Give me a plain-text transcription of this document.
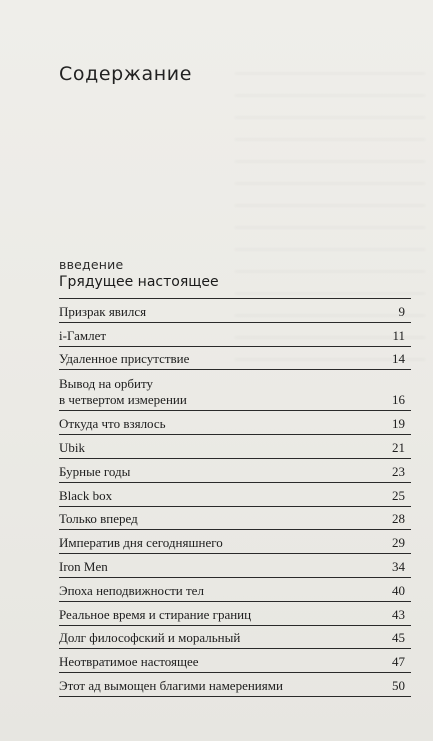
Содержание
введение
Грядущее настоящее
Призрак явился	9
i-Гамлет	11
Удаленное присутствие	14
Вывод на орбиту
в четвертом измерении	16
Откуда что взялось	19
Ubik	21
Бурные годы	23
Black box	25
Только вперед	28
Императив дня сегодняшнего	29
Iron Men	34
Эпоха неподвижности тел	40
Реальное время и стирание границ	43
Долг философский и моральный	45
Неотвратимое настоящее	47
Этот ад вымощен благими намерениями	50
